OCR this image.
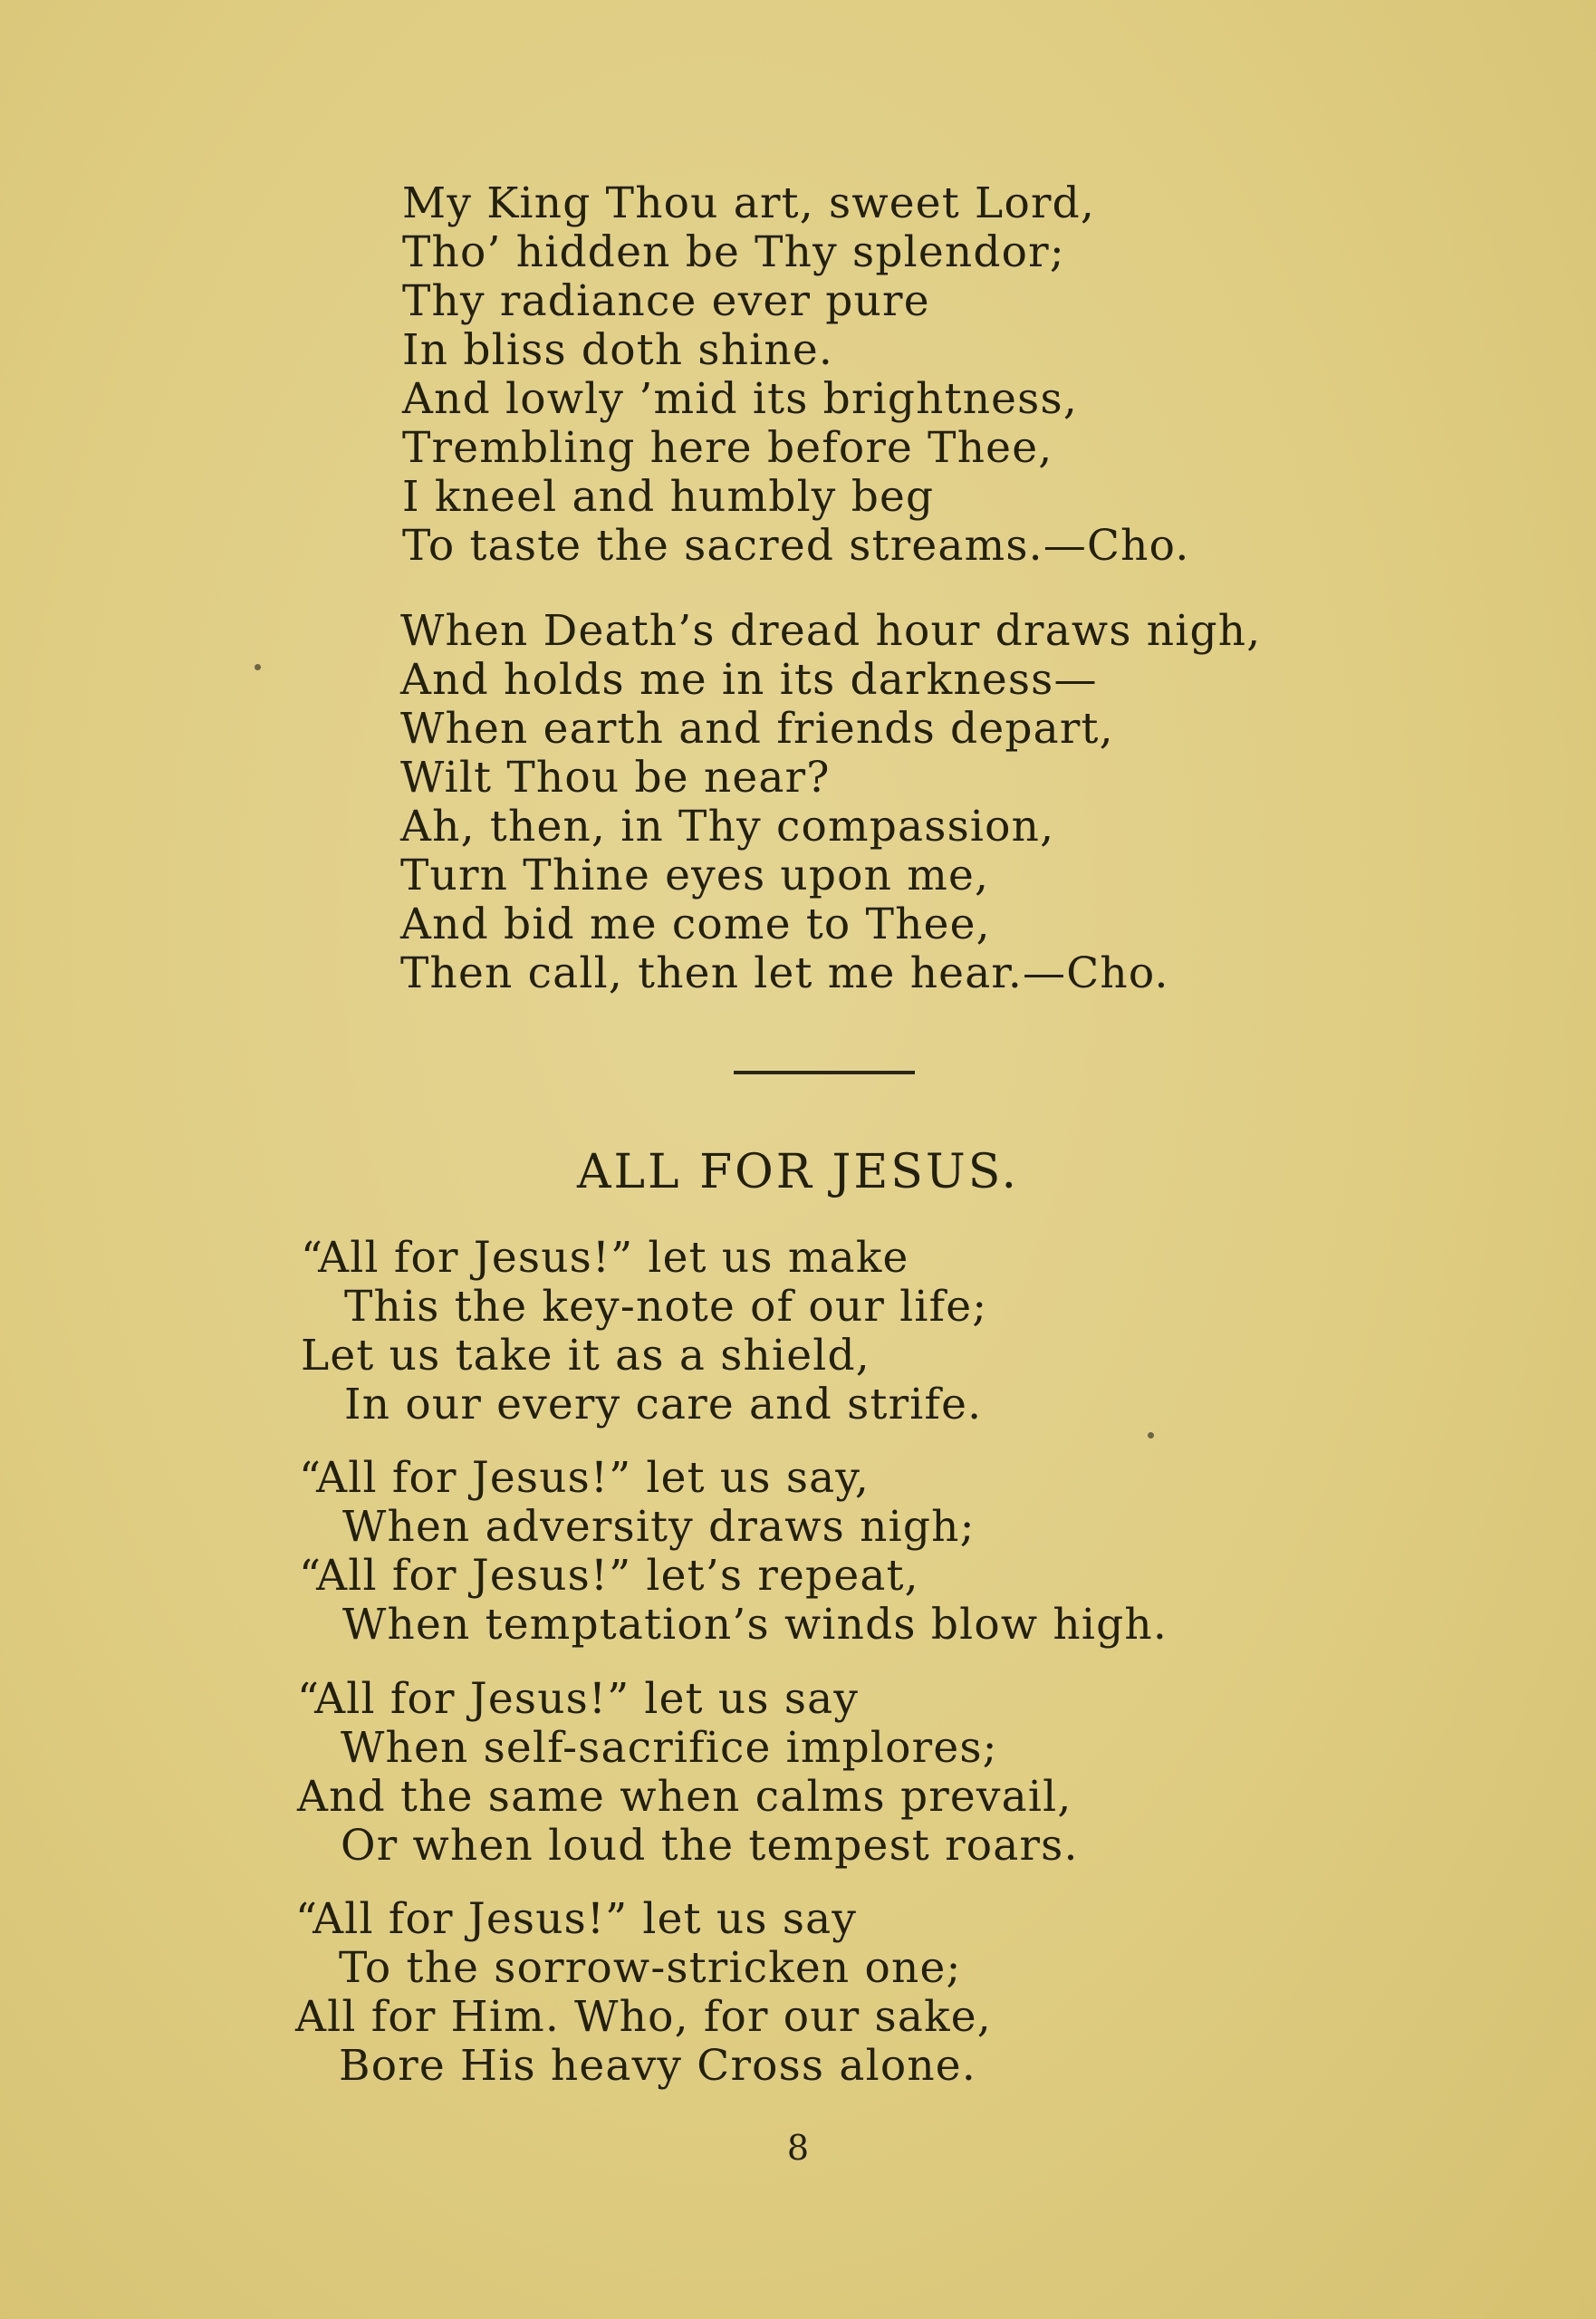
My King Thou art, sweet Lord,
Tho’ hidden be Thy splendor;
Thy radiance ever pure
In bliss doth shine.
And lowly ’mid its brightness,
Trembling here before Thee,
I kneel and humbly beg
To taste the sacred streams.—Cho.
When Death’s dread hour draws nigh,
And holds me in its darkness—
When earth and friends depart,
Wilt Thou be near?
Ah, then, in Thy compassion,
Turn Thine eyes upon me,
And bid me come to Thee,
Then call, then let me hear.—Cho.
ALL FOR JESUS.
“All for Jesus!” let us make
This the key-note of our life;
Let us take it as a shield,
In our every care and strife.
“All for Jesus!” let us say,
When adversity draws nigh;
“All for Jesus!” let’s repeat,
When temptation’s winds blow high.
“All for Jesus!” let us say
When self-sacrifice implores;
And the same when calms prevail,
Or when loud the tempest roars.
“All for Jesus!” let us say
To the sorrow-stricken one;
All for Him. Who, for our sake,
Bore His heavy Cross alone.
8
